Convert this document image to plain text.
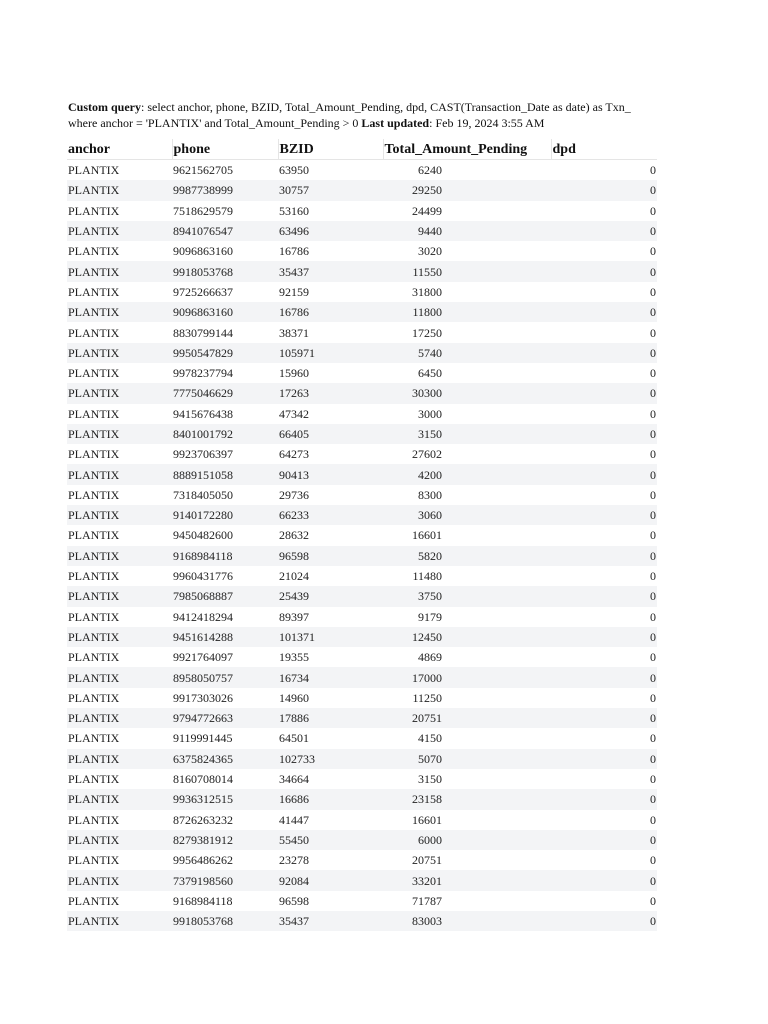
Custom query: select anchor, phone, BZID, Total_Amount_Pending, dpd, CAST(Transaction_Date as date) as Txn_
where anchor = 'PLANTIX' and Total_Amount_Pending > 0 Last updated: Feb 19, 2024 3:55 AM
anchor	phone	BZID	Total_Amount_Pending	dpd
PLANTIX	9621562705	63950	6240	0
PLANTIX	9987738999	30757	29250	0
PLANTIX	7518629579	53160	24499	0
PLANTIX	8941076547	63496	9440	0
PLANTIX	9096863160	16786	3020	0
PLANTIX	9918053768	35437	11550	0
PLANTIX	9725266637	92159	31800	0
PLANTIX	9096863160	16786	11800	0
PLANTIX	8830799144	38371	17250	0
PLANTIX	9950547829	105971	5740	0
PLANTIX	9978237794	15960	6450	0
PLANTIX	7775046629	17263	30300	0
PLANTIX	9415676438	47342	3000	0
PLANTIX	8401001792	66405	3150	0
PLANTIX	9923706397	64273	27602	0
PLANTIX	8889151058	90413	4200	0
PLANTIX	7318405050	29736	8300	0
PLANTIX	9140172280	66233	3060	0
PLANTIX	9450482600	28632	16601	0
PLANTIX	9168984118	96598	5820	0
PLANTIX	9960431776	21024	11480	0
PLANTIX	7985068887	25439	3750	0
PLANTIX	9412418294	89397	9179	0
PLANTIX	9451614288	101371	12450	0
PLANTIX	9921764097	19355	4869	0
PLANTIX	8958050757	16734	17000	0
PLANTIX	9917303026	14960	11250	0
PLANTIX	9794772663	17886	20751	0
PLANTIX	9119991445	64501	4150	0
PLANTIX	6375824365	102733	5070	0
PLANTIX	8160708014	34664	3150	0
PLANTIX	9936312515	16686	23158	0
PLANTIX	8726263232	41447	16601	0
PLANTIX	8279381912	55450	6000	0
PLANTIX	9956486262	23278	20751	0
PLANTIX	7379198560	92084	33201	0
PLANTIX	9168984118	96598	71787	0
PLANTIX	9918053768	35437	83003	0
